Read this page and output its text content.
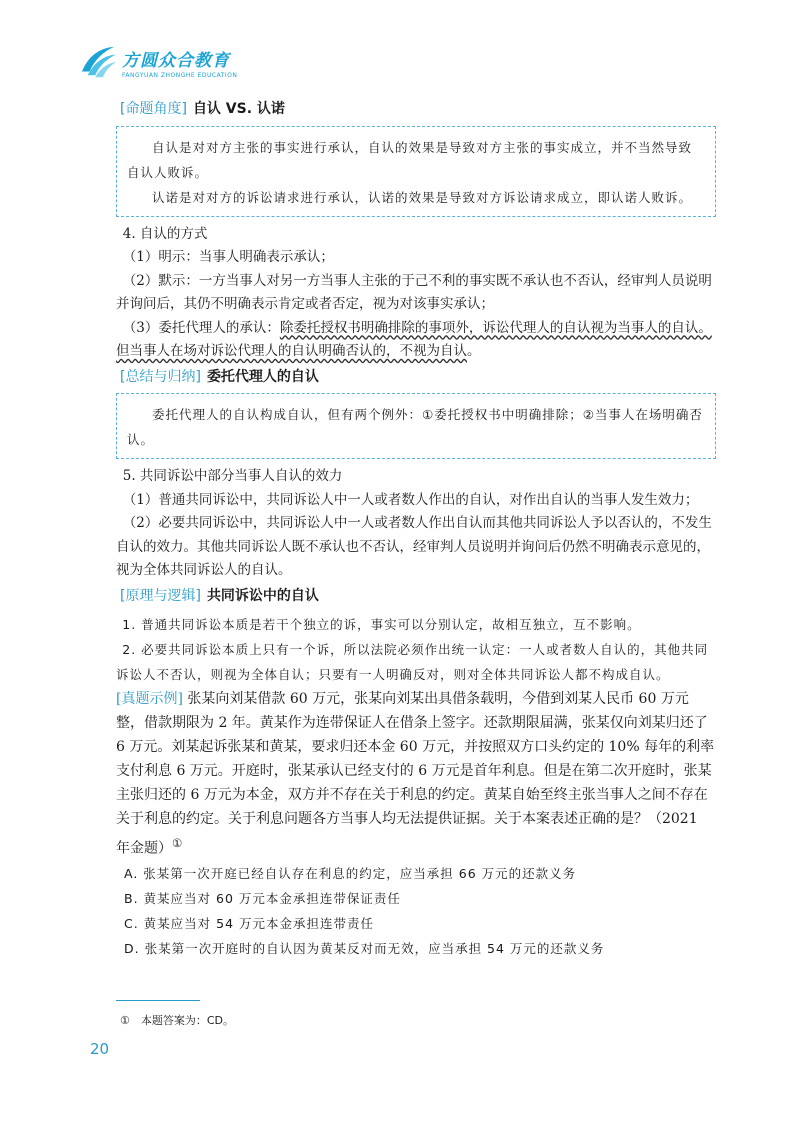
方圆众合教育
FANGYUAN ZHONGHE EDUCATION
[命题角度] 自认 VS. 认诺

自认是对对方主张的事实进行承认，自认的效果是导致对方主张的事实成立，并不当然导致自认人败诉。

认诺是对对方的诉讼请求进行承认，认诺的效果是导致对方诉讼请求成立，即认诺人败诉。

4. 自认的方式

（1）明示：当事人明确表示承认；

（2）默示：一方当事人对另一方当事人主张的于己不利的事实既不承认也不否认，经审判人员说明并询问后，其仍不明确表示肯定或者否定，视为对该事实承认；

（3）委托代理人的承认：除委托授权书明确排除的事项外，诉讼代理人的自认视为当事人的自认。但当事人在场对诉讼代理人的自认明确否认的，不视为自认。

[总结与归纳] 委托代理人的自认

委托代理人的自认构成自认，但有两个例外：①委托授权书中明确排除；②当事人在场明确否认。

5. 共同诉讼中部分当事人自认的效力

（1）普通共同诉讼中，共同诉讼人中一人或者数人作出的自认，对作出自认的当事人发生效力；

（2）必要共同诉讼中，共同诉讼人中一人或者数人作出自认而其他共同诉讼人予以否认的，不发生自认的效力。其他共同诉讼人既不承认也不否认，经审判人员说明并询问后仍然不明确表示意见的，视为全体共同诉讼人的自认。

[原理与逻辑] 共同诉讼中的自认

1. 普通共同诉讼本质是若干个独立的诉，事实可以分别认定，故相互独立，互不影响。

2. 必要共同诉讼本质上只有一个诉，所以法院必须作出统一认定：一人或者数人自认的，其他共同诉讼人不否认，则视为全体自认；只要有一人明确反对，则对全体共同诉讼人都不构成自认。

[真题示例] 张某向刘某借款 60 万元，张某向刘某出具借条载明，今借到刘某人民币 60 万元整，借款期限为 2 年。黄某作为连带保证人在借条上签字。还款期限届满，张某仅向刘某归还了 6 万元。刘某起诉张某和黄某，要求归还本金 60 万元，并按照双方口头约定的 10% 每年的利率支付利息 6 万元。开庭时，张某承认已经支付的 6 万元是首年利息。但是在第二次开庭时，张某主张归还的 6 万元为本金，双方并不存在关于利息的约定。黄某自始至终主张当事人之间不存在关于利息的约定。关于利息问题各方当事人均无法提供证据。关于本案表述正确的是？（2021 年金题）①

A. 张某第一次开庭已经自认存在利息的约定，应当承担 66 万元的还款义务

B. 黄某应当对 60 万元本金承担连带保证责任

C. 黄某应当对 54 万元本金承担连带责任

D. 张某第一次开庭时的自认因为黄某反对而无效，应当承担 54 万元的还款义务

①　本题答案为：CD。
20
